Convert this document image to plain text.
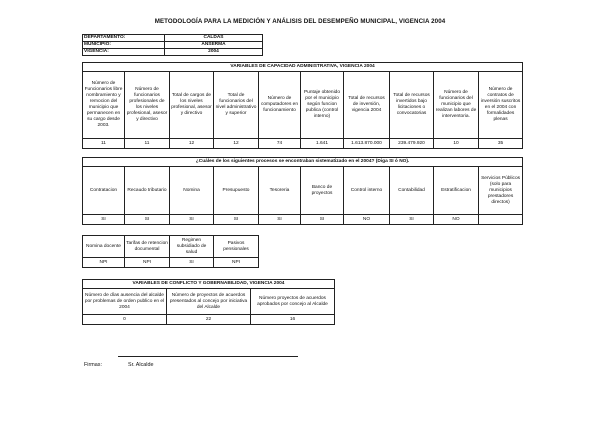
METODOLOGÍA PARA LA MEDICIÓN Y ANÁLISIS DEL DESEMPEÑO MUNICIPAL, VIGENCIA 2004
DEPARTAMENTO:	CALDAS
MUNICIPIO:	ANSERMA
VIGENCIA:	2004
VARIABLES DE CAPACIDAD ADMINISTRATIVA, VIGENCIA 2004									
Número de Funcionarios libre nombramiento y remocion del municipio que permanecen en su cargo desde 2003.	Número de funcionarios profesionales de los niveles profesional, asesor y directivo	Total de cargos de los niveles profesional, asesor y directivo	Total de funcionarios del nivel administrativo y superior	Número de computadores en funcionamiento	Puntaje obtenido por el municipio según funcion publica (control interno)	Total de recursos de inversión, vigencia 2004	Total de recursos invertidos bajo licitaciones o convocatorias	Número de funcionarios del municipio que realizan labores de interventoria.	Número de contratos de inversión suscritos en el 2004 con formalidades plenas
11	11	12	12	74	1.641	1.613.870.000	239.479.920	10	35
¿Cuáles de los siguientes procesos se encontraban sistematizado en el 2004? (Diga SI ó NO).									
Contratacion	Recaudo tributario	Nomina	Presupuesto	Tesoreria	Banco de proyectos	Control interno	Contabilidad	Estratificacion	Servicios Públicos (solo para municipios prestadores directos)
SI	SI	SI	SI	SI	SI	NO	SI	NO	
Nomina docente	Tarifas de retencion documental	Regimen subsidiado de salud	Pasivos pensionales
NPI	NPI	SI	NPI
VARIABLES DE CONFLICTO Y GOBERNABILIDAD, VIGENCIA 2004		
Número de días ausencia del alcalde por problemas de orden publico en el 2004	Número de proyectos de acuerdos presentados al concejo por iniciativa del Alcalde	Número proyectos de acuerdos aprobados por concejo al Alcalde
0	22	16
Firmas:	Sr. Alcalde
